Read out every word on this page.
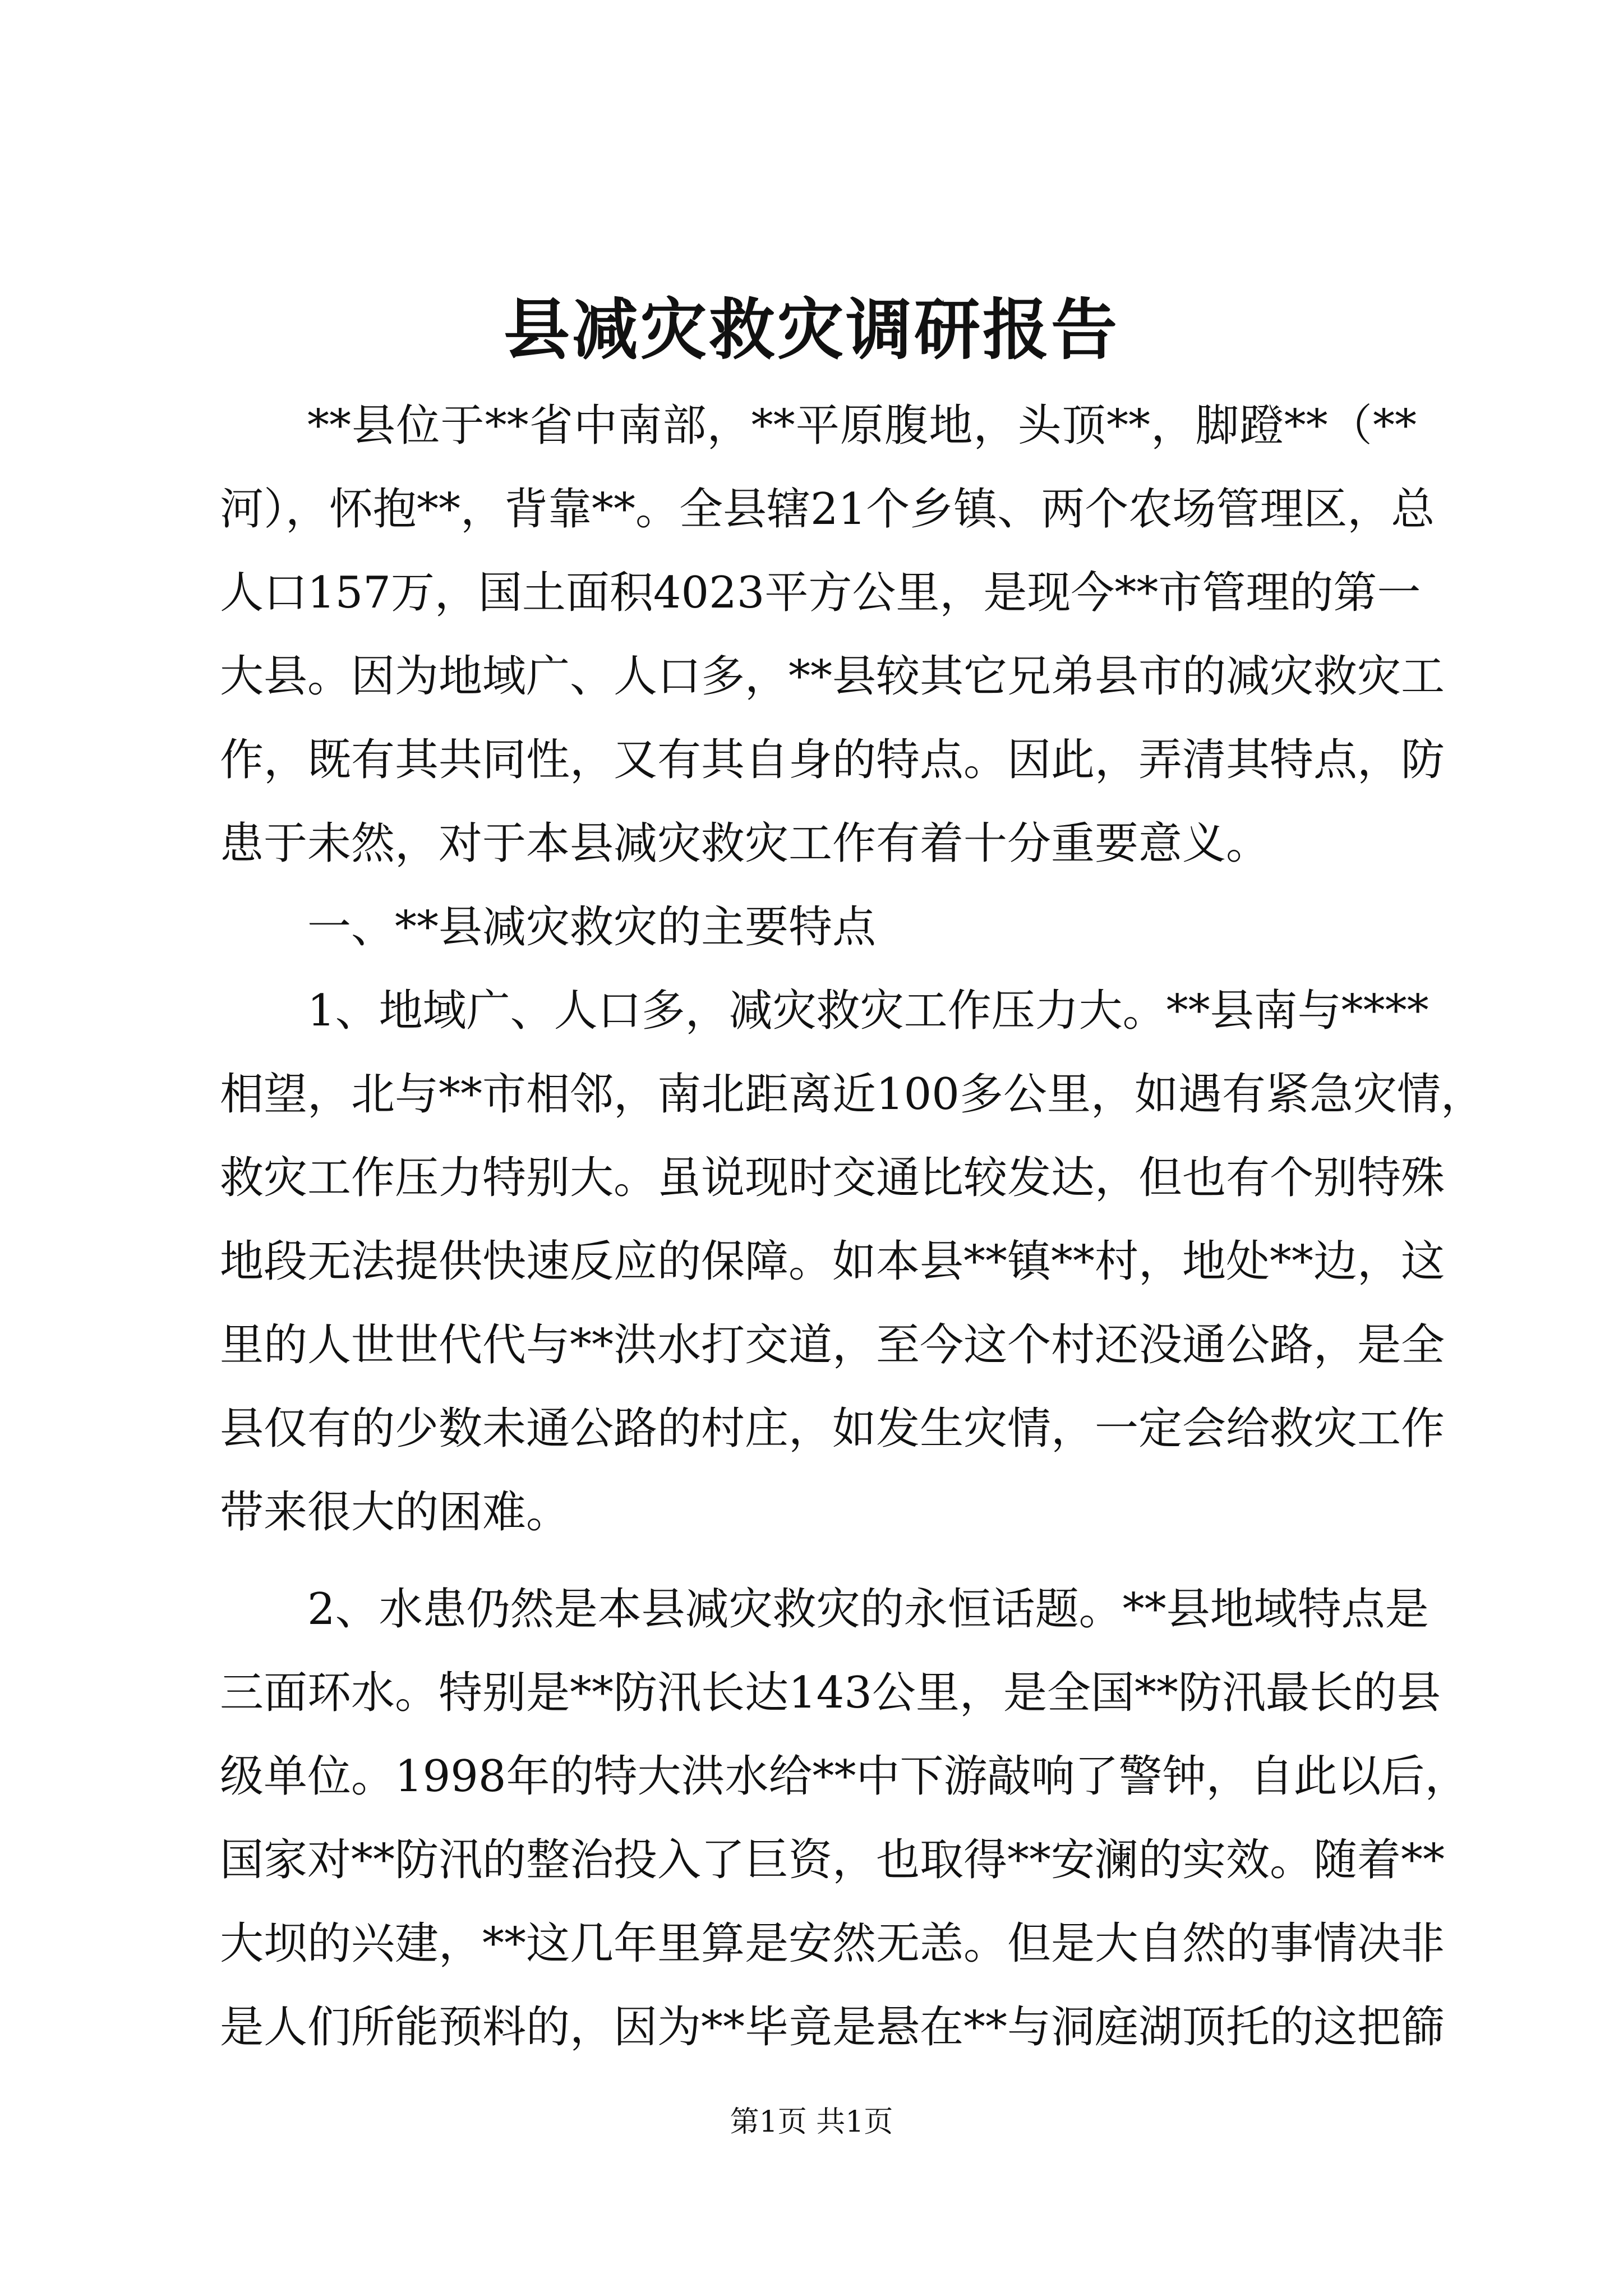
县减灾救灾调研报告
**县位于**省中南部，**平原腹地，头顶**，脚蹬**（**
河），怀抱**，背靠**。全县辖21个乡镇、两个农场管理区，总
人口157万，国土面积4023平方公里，是现今**市管理的第一
大县。因为地域广、人口多，**县较其它兄弟县市的减灾救灾工
作，既有其共同性，又有其自身的特点。因此，弄清其特点，防
患于未然，对于本县减灾救灾工作有着十分重要意义。
一、**县减灾救灾的主要特点
1、地域广、人口多，减灾救灾工作压力大。**县南与****
相望，北与**市相邻，南北距离近100多公里，如遇有紧急灾情，
救灾工作压力特别大。虽说现时交通比较发达，但也有个别特殊
地段无法提供快速反应的保障。如本县**镇**村，地处**边，这
里的人世世代代与**洪水打交道，至今这个村还没通公路，是全
县仅有的少数未通公路的村庄，如发生灾情，一定会给救灾工作
带来很大的困难。
2、水患仍然是本县减灾救灾的永恒话题。**县地域特点是
三面环水。特别是**防汛长达143公里，是全国**防汛最长的县
级单位。1998年的特大洪水给**中下游敲响了警钟，自此以后，
国家对**防汛的整治投入了巨资，也取得**安澜的实效。随着**
大坝的兴建，**这几年里算是安然无恙。但是大自然的事情决非
是人们所能预料的，因为**毕竟是悬在**与洞庭湖顶托的这把篩
第1页 共1页
